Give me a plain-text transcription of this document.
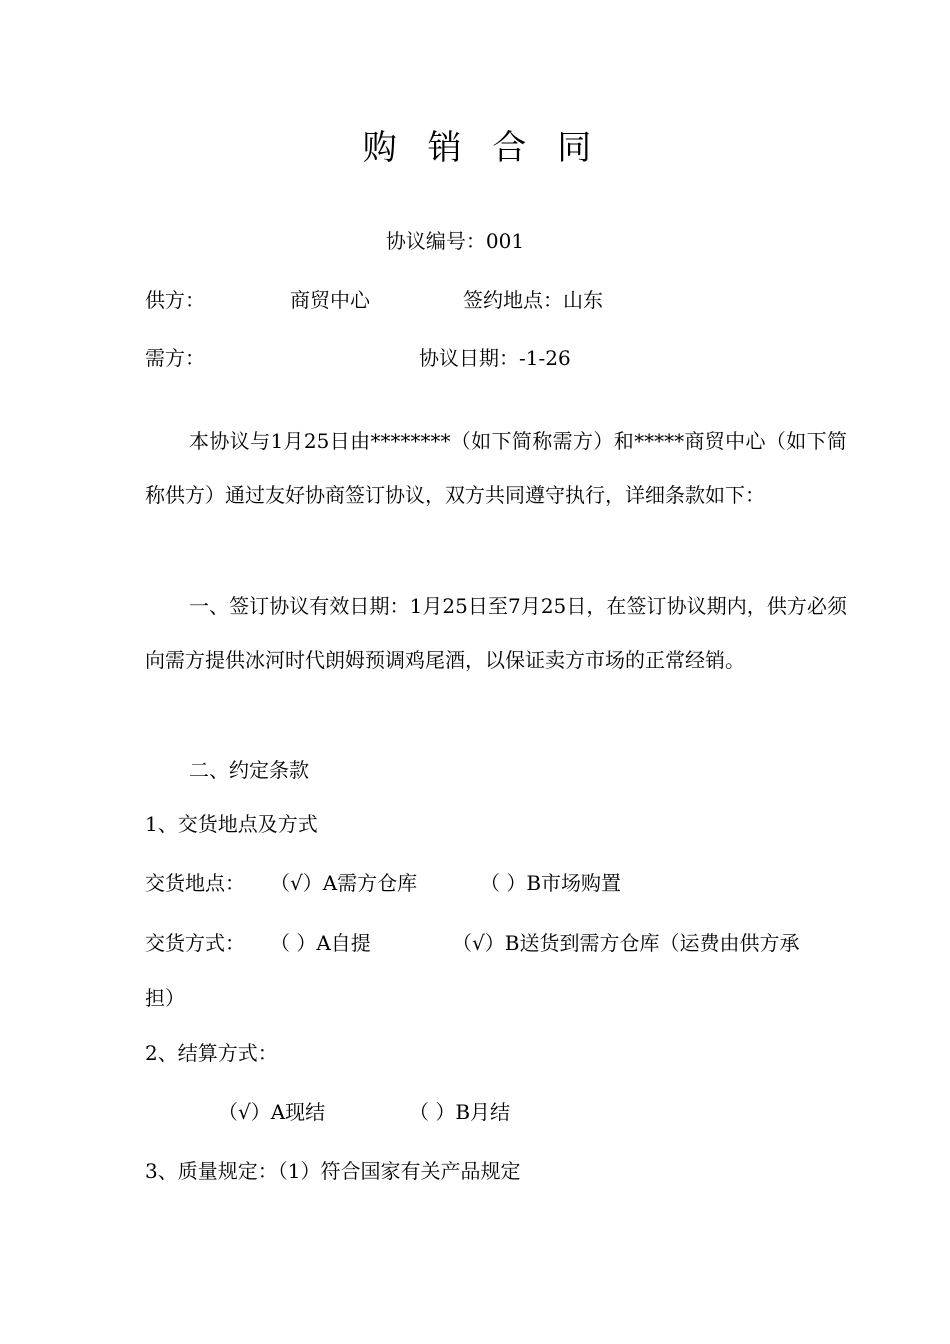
购 销 合 同
协议编号：001
供方：	商贸中心	签约地点：山东
需方：	协议日期：-1-26
本协议与1月25日由********（如下简称需方）和*****商贸中心（如下简称供方）通过友好协商签订协议，双方共同遵守执行，详细条款如下：
一、签订协议有效日期：1月25日至7月25日，在签订协议期内，供方必须向需方提供冰河时代朗姆预调鸡尾酒，以保证卖方市场的正常经销。
二、约定条款
1、交货地点及方式
交货地点： （√）A需方仓库	（ ）B市场购置
交货方式： （ ）A自提	（√）B送货到需方仓库（运费由供方承
担）
2、结算方式：
（√）A现结	（ ）B月结
3、质量规定：（1）符合国家有关产品规定
